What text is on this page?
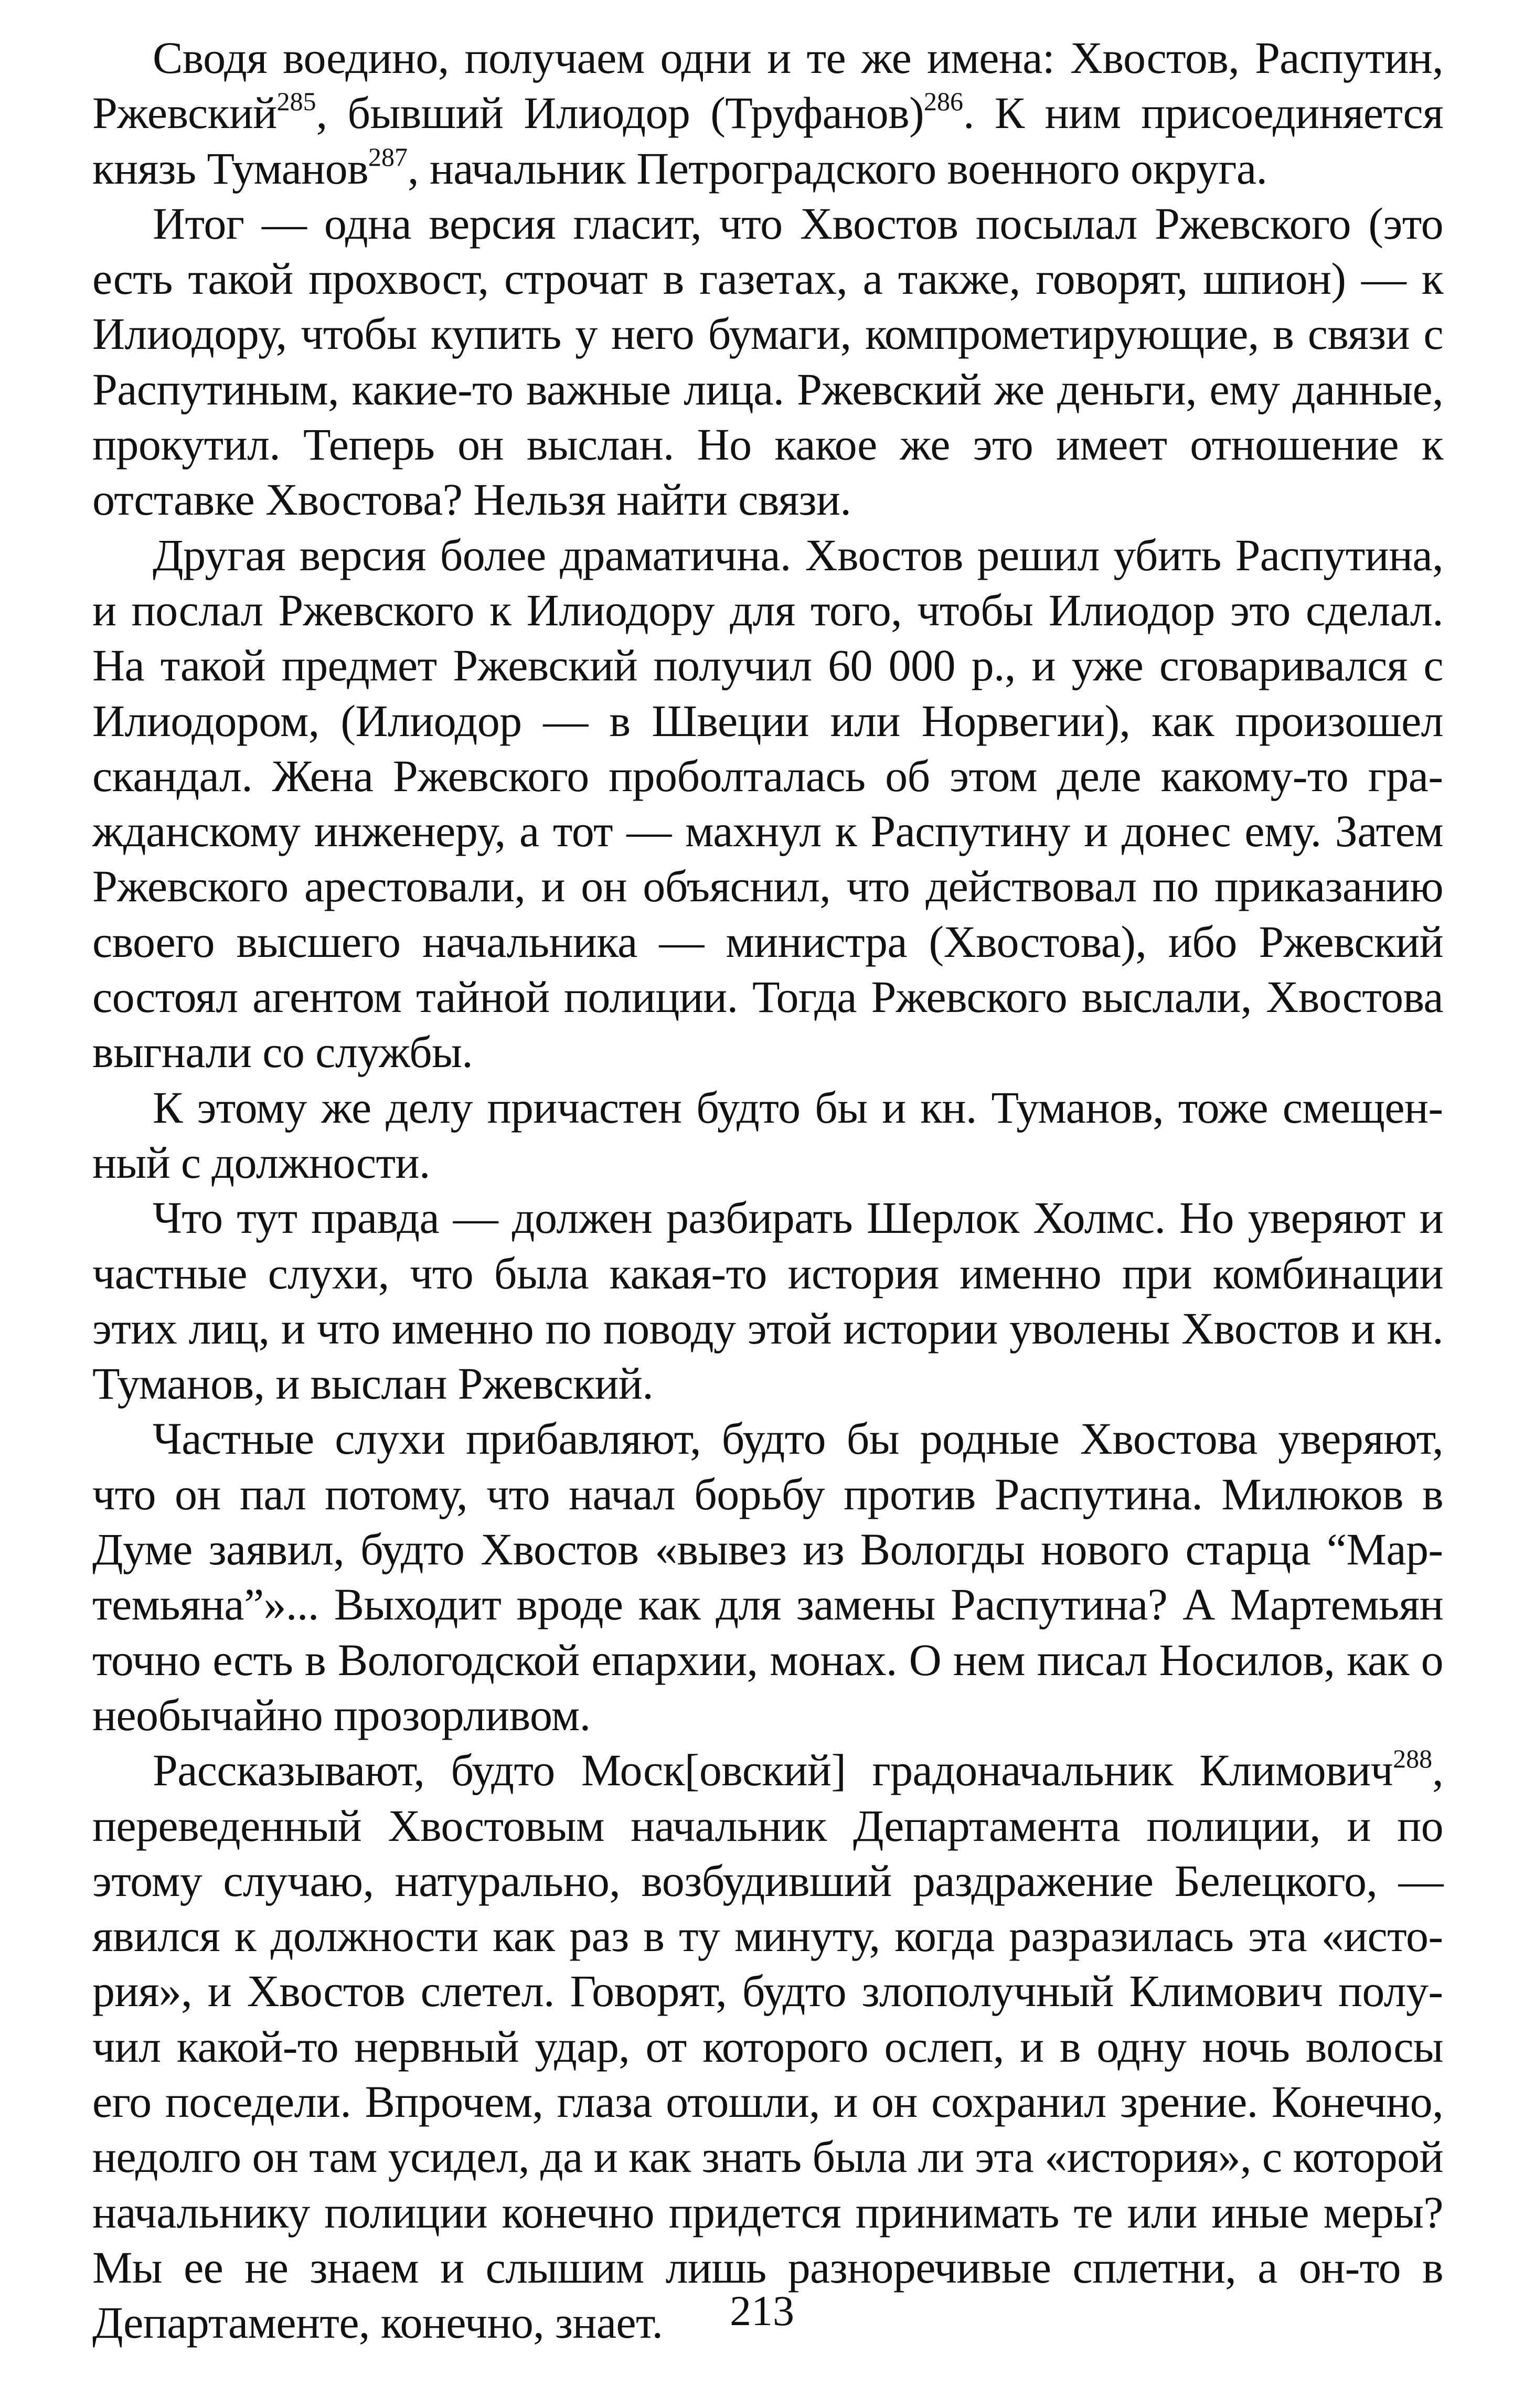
Сводя воедино, получаем одни и те же имена: Хвостов, Распутин, Ржевский$^{285}$, бывший Илиодор (Труфанов)$^{286}$. К ним присоединяется князь Туманов$^{287}$, начальник Петроградского военного округа.

Итог — одна версия гласит, что Хвостов посылал Ржевского (это есть такой прохвост, строчат в газетах, а также, говорят, шпион) — к Илиодору, чтобы купить у него бумаги, компрометирующие, в связи с Распутиным, какие-то важные лица. Ржевский же деньги, ему данные, прокутил. Теперь он выслан. Но какое же это имеет отношение к отставке Хвостова? Нельзя найти связи.

Другая версия более драматична. Хвостов решил убить Распутина, и послал Ржевского к Илиодору для того, чтобы Илиодор это сделал. На такой предмет Ржевский получил 60 000 р., и уже сговаривался с Илиодором, (Илиодор — в Швеции или Норвегии), как произошел скандал. Жена Ржевского проболталась об этом деле какому-то гражданскому инженеру, а тот — махнул к Распутину и донес ему. Затем Ржевского арестовали, и он объяснил, что действовал по приказанию своего высшего начальника — министра (Хвостова), ибо Ржевский состоял агентом тайной полиции. Тогда Ржевского выслали, Хвостова выгнали со службы.

К этому же делу причастен будто бы и кн. Туманов, тоже смещенный с должности.

Что тут правда — должен разбирать Шерлок Холмс. Но уверяют и частные слухи, что была какая-то история именно при комбинации этих лиц, и что именно по поводу этой истории уволены Хвостов и кн. Туманов, и выслан Ржевский.

Частные слухи прибавляют, будто бы родные Хвостова уверяют, что он пал потому, что начал борьбу против Распутина. Милюков в Думе заявил, будто Хвостов «вывез из Вологды нового старца “Мартемьяна”»... Выходит вроде как для замены Распутина? А Мартемьян точно есть в Вологодской епархии, монах. О нем писал Носилов, как о необычайно прозорливом.

Рассказывают, будто Моск[овский] градоначальник Климович$^{288}$, переведенный Хвостовым начальник Департамента полиции, и по этому случаю, натурально, возбудивший раздражение Белецкого, — явился к должности как раз в ту минуту, когда разразилась эта «история», и Хвостов слетел. Говорят, будто злополучный Климович получил какой-то нервный удар, от которого ослеп, и в одну ночь волосы его поседели. Впрочем, глаза отошли, и он сохранил зрение. Конечно, недолго он там усидел, да и как знать была ли эта «история», с которой начальнику полиции конечно придется принимать те или иные меры? Мы ее не знаем и слышим лишь разноречивые сплетни, а он-то в Департаменте, конечно, знает.	213
